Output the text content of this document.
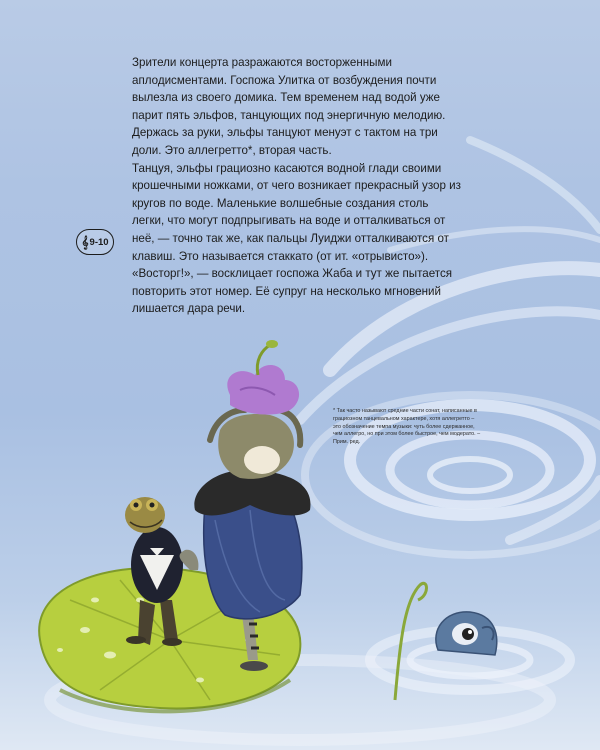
Зрители концерта разражаются восторженными аплодисментами. Госпожа Улитка от возбуждения почти вылезла из своего домика. Тем временем над водой уже парит пять эльфов, танцующих под энергичную мелодию. Держась за руки, эльфы танцуют менуэт с тактом на три доли. Это аллегретто*, вторая часть.

Танцуя, эльфы грациозно касаются водной глади своими крошечными ножками, от чего возникает прекрасный узор из кругов по воде. Маленькие волшебные создания столь легки, что могут подпрыгивать на воде и отталкиваться от неё, — точно так же, как пальцы Луиджи отталкиваются от клавиш. Это называется стаккато (от ит. «отрывисто»).

«Восторг!», — восклицает госпожа Жаба и тут же пытается повторить этот номер. Её супруг на несколько мгновений лишается дара речи.

𝄞 9-10
* Так часто называют средние части сонат, написанные в грациозном танцевальном характере, хотя аллегретто – это обозначение темпа музыки: чуть более сдержанное, чем аллегро, но при этом более быстрое, чем модерато. – Прим. ред.
